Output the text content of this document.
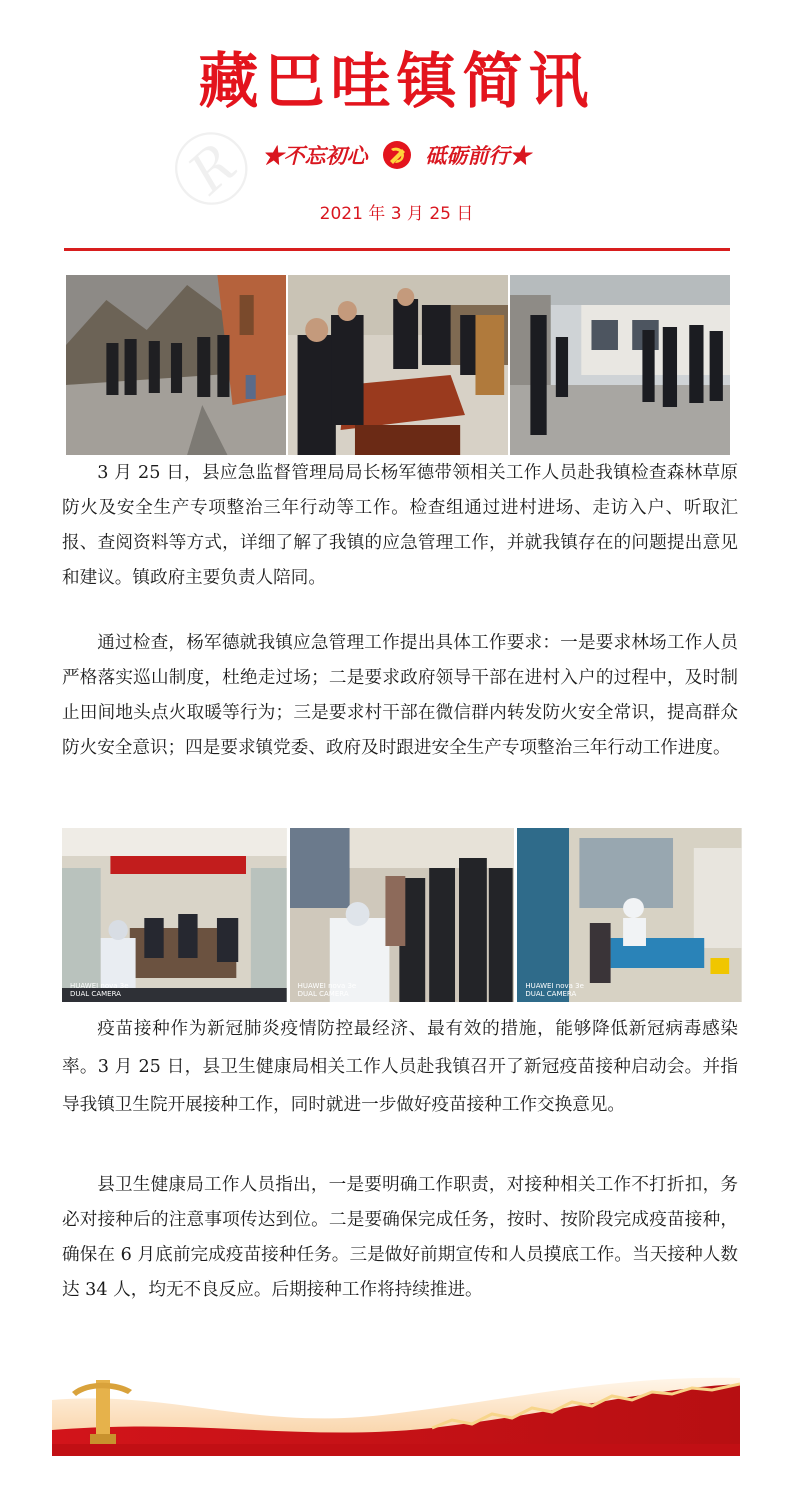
🄬
藏巴哇镇简讯
★不忘初心	砥砺前行★
2021 年 3 月 25 日
3 月 25 日，县应急监督管理局局长杨军德带领相关工作人员赴我镇检查森林草原防火及安全生产专项整治三年行动等工作。检查组通过进村进场、走访入户、听取汇报、查阅资料等方式，详细了解了我镇的应急管理工作，并就我镇存在的问题提出意见和建议。镇政府主要负责人陪同。
通过检查，杨军德就我镇应急管理工作提出具体工作要求：一是要求林场工作人员严格落实巡山制度，杜绝走过场；二是要求政府领导干部在进村入户的过程中，及时制止田间地头点火取暖等行为；三是要求村干部在微信群内转发防火安全常识，提高群众防火安全意识；四是要求镇党委、政府及时跟进安全生产专项整治三年行动工作进度。
HUAWEI nova 3e
DUAL CAMERA
HUAWEI nova 3e
DUAL CAMERA
HUAWEI nova 3e
DUAL CAMERA
疫苗接种作为新冠肺炎疫情防控最经济、最有效的措施，能够降低新冠病毒感染率。3 月 25 日，县卫生健康局相关工作人员赴我镇召开了新冠疫苗接种启动会。并指导我镇卫生院开展接种工作，同时就进一步做好疫苗接种工作交换意见。
县卫生健康局工作人员指出，一是要明确工作职责，对接种相关工作不打折扣，务必对接种后的注意事项传达到位。二是要确保完成任务，按时、按阶段完成疫苗接种，确保在 6 月底前完成疫苗接种任务。三是做好前期宣传和人员摸底工作。当天接种人数达 34 人，均无不良反应。后期接种工作将持续推进。
